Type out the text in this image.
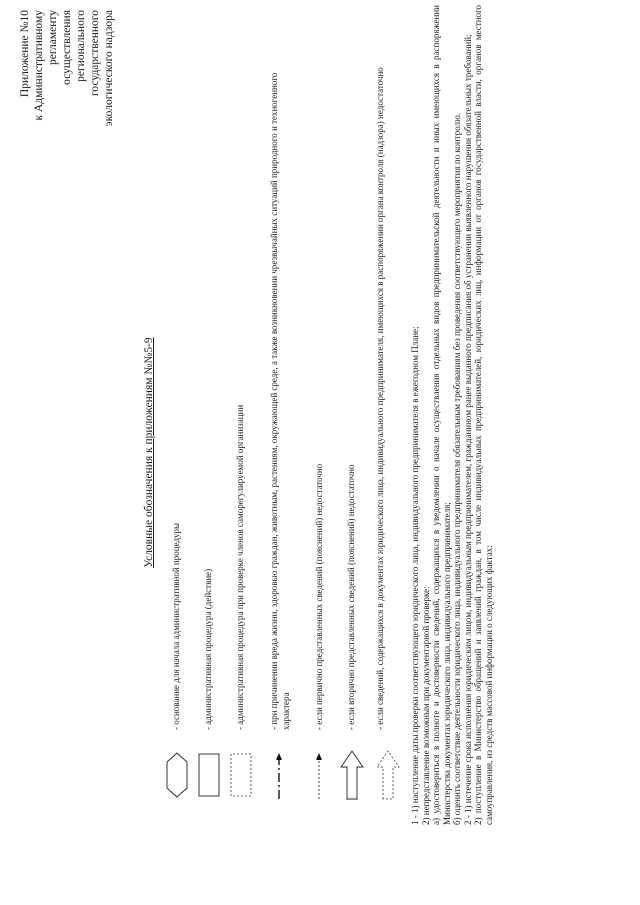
Приложение №10 к Административному регламенту осуществления регионального государственного экологического надзора
Условные обозначения к приложениям №№5-9
- основание для начала административной процедуры - административная процедура (действие) - административная процедура при проверке членов саморегулируемой организации	- при причинении вреда жизни, здоровью граждан, животным, растениям, окружающей среде, а также возникновении чрезвычайных ситуаций природного и техногенного характера	- если первично представленных сведений (пояснений) недостаточно - если вторично представленных сведений (пояснений) недостаточно - если сведений, содержащихся в документах юридического лица, индивидуального предпринимателя, имеющихся в распоряжении органа контроля (надзора) недостаточно	1 - 1) наступление даты проверки соответствующего юридического лица, индивидуального предпринимателя в ежегодном Плане; 2) непредставление возможным при документарной проверке: а) удостовериться в полноте и достоверности сведений, содержащихся в уведомлении о начале осуществления отдельных видов предпринимательской деятельности и иных имеющихся в распоряжении Министерства документах юридического лица, индивидуального предпринимателя; б) оценить соответствие деятельности юридического лица, индивидуального предпринимателя обязательным требованиям без проведения соответствующего мероприятия по контролю. 2 - 1) истечение срока исполнения юридическим лицом, индивидуальным предпринимателем, гражданином ранее выданного предписания об устранении выявленного нарушения обязательных требований; 2) поступление в Министерство обращений и заявлений граждан, в том числе индивидуальных предпринимателей, юридических лиц, информации от органов государственной власти, органов местного самоуправления, из средств массовой информации о следующих фактах:
